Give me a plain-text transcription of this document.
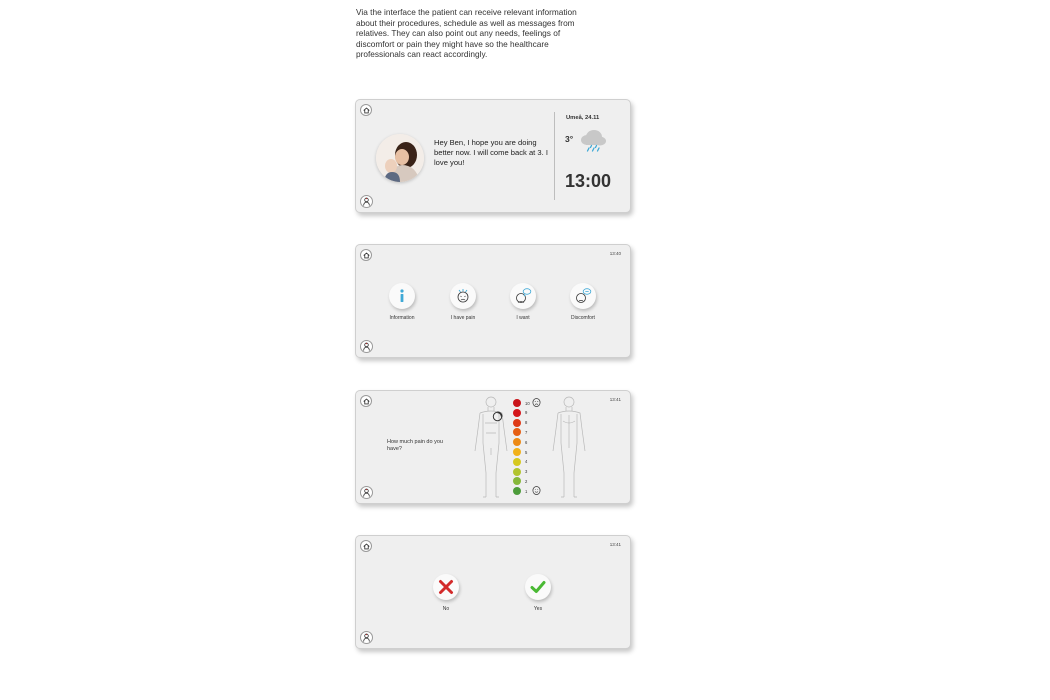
Via the interface the patient can receive relevant information about their procedures, schedule as well as messages from relatives. They can also point out any needs, feelings of discomfort or pain they might have so the healthcare professionals can react accordingly.

Hey Ben, I hope you are doing better now. I will come back at 3. I love you!

Umeå, 24.11
3°
13:00
13:40
Information	I have pain	I want	Discomfort
13:41

How much pain do you have?

10
9
8
7
6
5
4
3
2
1
13:41
No	Yes
